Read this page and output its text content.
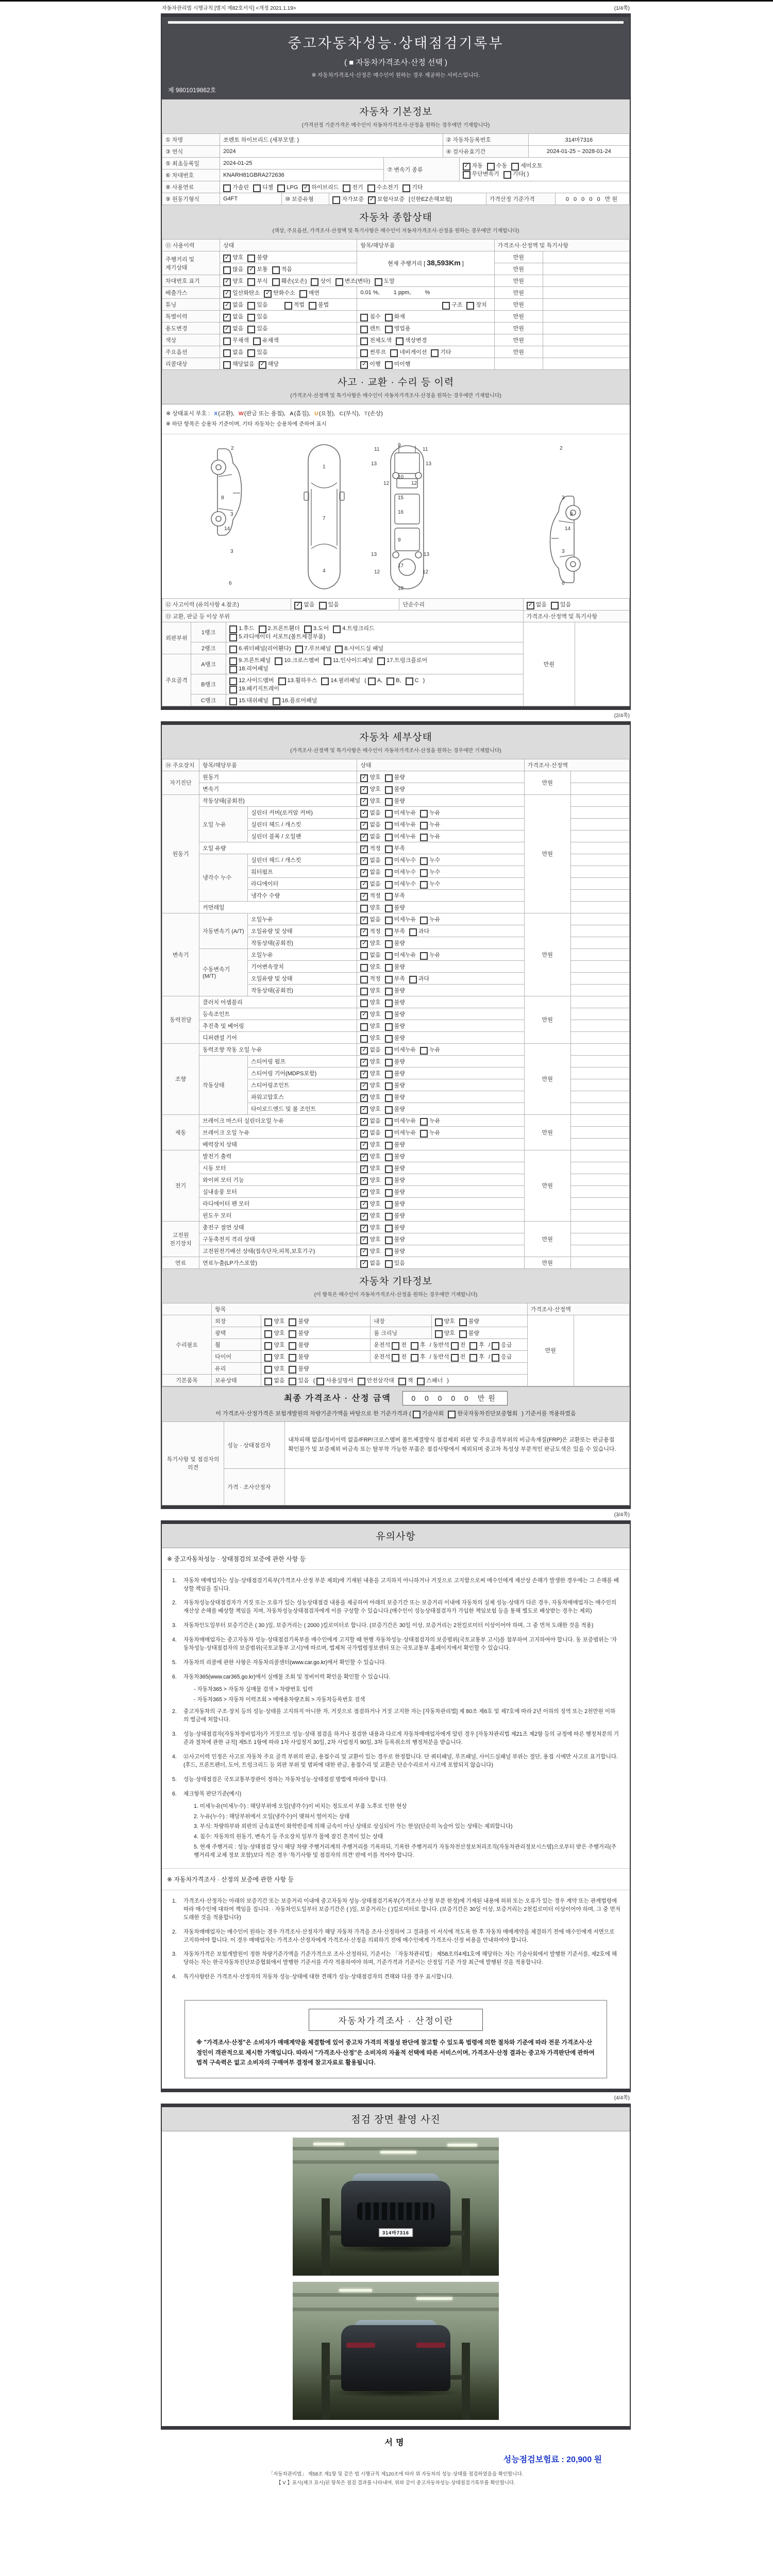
자동차관리법 시행규칙 [별지 제82호서식] <개정 2021.1.19>	(1/4쪽)
중고자동차성능·상태점검기록부
( ■ 자동차가격조사·산정 선택 )
※ 자동차가격조사·산정은 매수인이 원하는 경우 제공하는 서비스입니다.
제 9801019862호
자동차 기본정보
(가격산정 기준가격은 매수인이 자동차가격조사·산정을 원하는 경우에만 기재합니다)
① 차명	쏘렌토 하이브리드 (세부모델: )	② 자동차등록번호	314마7316
③ 연식	2024	④ 검사유효기간	2024-01-25 ~ 2028-01-24
⑤ 최초등록일	2024-01-25	⑦ 변속기 종류	✓ 자동 수동 세미오토
무단변속기 기타( )
⑥ 차대번호	KNARH81GBRA272636		
⑧ 사용연료	가솔린 디젤 LPG ✓ 하이브리드 전기 수소전기 기타		
⑨ 원동기형식	G4FT	⑩ 보증유형	자가보증 ✓ 보험사보증 [신한EZ손해보험]	가격산정 기준가격	0 0 0 0 0 만원
자동차 종합상태
(색상, 주요옵션, 가격조사·산정액 및 특기사항은 매수인이 자동차가격조사·산정을 원하는 경우에만 기재합니다)
⑪ 사용이력	상태	항목/해당부품	가격조사·산정액 및 특기사항	
주행거리 및 계기상태	✓ 양호 불량	현재 주행거리 [ 38,593Km ]	만원	
	많음 ✓ 보통 적음		만원	
차대번호 표기	✓ 양호 부식 훼손(오손) 상이 변조(변타) 도말		만원	
배출가스	✓ 일산화탄소 ✓ 탄화수소 매연	0.01 %, 1 ppm, %	만원	
튜닝	✓ 없음 있음 적법 불법	구조 장치	만원	
특별이력	✓ 없음 있음	침수 화재	만원	
용도변경	✓ 없음 있음	렌트 영업용	만원	
색상	무채색 유채색	전체도색 색상변경	만원	
주요옵션	없음 있음	썬루프 네비게이션 기타	만원	
리콜대상	해당없음 ✓ 해당	✓ 이행 미이행		
사고 · 교환 · 수리 등 이력
(가격조사·산정액 및 특기사항은 매수인이 자동차가격조사·산정을 원하는 경우에만 기재합니다)
※ 상태표시 부호 : X(교환), W(판금 또는 용접), A(흠집), U(요철), C(부식), T(손상)
※ 하단 항목은 승용차 기준이며, 기타 자동차는 승용차에 준하여 표시
2
8
3
14
3
6
1
7
4
11
9
11
13
12	12
13
10
15
16
13	13
9
12
17
12
18
2
3
8
14
3
6
⑫ 사고이력 (유의사항 4.참조)	✓ 없음 있음	단순수리	✓ 없음 있음
⑬ 교환, 판금 등 이상 부위			가격조사·산정액 및 특기사항	
외판부위	1랭크	1.후드 2.프론트휀더 3.도어 4.트렁크리드
5.라디에이터 서포트(볼트체결부품)	만원	
	2랭크	6.쿼더패널(리어휀다) 7.루브패널 8.사이드실 패널		
주요골격	A랭크	9.프론트패널 10.크로스멤버 11.인사이드패널 17.트렁크플로어
18.리어패널		
	B랭크	12.사이드멤버 13.휠하우스 14.필러패널 (  A, B, C )
19.패키지트레이		
	C랭크	15.대쉬패널 16.플로어패널		
(2/4쪽)
자동차 세부상태
(가격조사·산정액 및 특기사항은 매수인이 자동차가격조사·산정을 원하는 경우에만 기재합니다)
⑭ 주요장치	항목/해당부품		상태	가격조사·산정액	
자기진단	원동기		✓ 양호 불량	만원	
	변속기		✓ 양호 불량		
원동기	작동상태(공회전)		✓ 양호 불량	만원	
	오일 누유	실린더 커버(로커암 커버)	✓ 없음 미세누유 누유		
		실린더 헤드 / 개스킷	✓ 없음 미세누유 누유		
		실린더 블록 / 오일팬	✓ 없음 미세누유 누유		
	오일 유량		✓ 적정 부족		
	냉각수 누수	실린더 헤드 / 개스킷	✓ 없음 미세누수 누수		
		워터펌프	✓ 없음 미세누수 누수		
		라디에이터	✓ 없음 미세누수 누수		
		냉각수 수량	✓ 적정 부족		
	커먼레일		양호 불량		
변속기	자동변속기 (A/T)	오일누유	✓ 없음 미세누유 누유	만원	
		오일유량 및 상태	✓ 적정 부족 과다		
		작동상태(공회전)	✓ 양호 불량		
	수동변속기 (M/T)	오일누유	없음 미세누유 누유		
		기어변속장치	양호 불량		
		오일유량 및 상태	적정 부족 과다		
		작동상태(공회전)	양호 불량		
동력전달	클러치 어셈블리		양호 불량	만원	
	등속조인트		✓ 양호 불량		
	추진축 및 베어링		양호 불량		
	디퍼렌셜 기어		양호 불량		
조향	동력조향 작동 오일 누유		✓ 없음 미세누유 누유	만원	
	작동상태	스티어링 펌프	✓ 양호 불량		
		스티어링 기어(MDPS포함)	✓ 양호 불량		
		스티어링조인트	✓ 양호 불량		
		파워고압호스	✓ 양호 불량		
		타이로드엔드 및 볼 조인트	✓ 양호 불량		
제동	브레이크 마스터 실린더오일 누유		✓ 없음 미세누유 누유	만원	
	브레이크 오일 누유		✓ 없음 미세누유 누유		
	배력장치 상태		✓ 양호 불량		
전기	발전기 출력		✓ 양호 불량	만원	
	시동 모터		✓ 양호 불량		
	와이퍼 모터 기능		✓ 양호 불량		
	실내송풍 모터		✓ 양호 불량		
	라디에이터 팬 모터		✓ 양호 불량		
	윈도우 모터		✓ 양호 불량		
고전원 전기장치	충전구 절연 상태		✓ 양호 불량	만원	
	구동축전지 격리 상태		✓ 양호 불량		
	고전원전기배선 상태(접속단자,피복,보호기구)		✓ 양호 불량		
연료	연료누출(LP가스포함)		✓ 없음 있음	만원	
자동차 기타정보
(이 항목은 매수인이 자동차가격조사·산정을 원하는 경우에만 기재합니다)
	항목				가격조사·산정액	
수리필요	외장	양호 불량	내장	양호 불량	만원	
	광택	양호 불량	룸 크리닝	양호 불량		
	휠	양호 불량	운전석  전 후 / 동반석  전 후 /  응급			
	타이어	양호 불량	운전석  전 후 / 동반석  전 후 /  응급			
	유리	양호 불량				
기본품목	보유상태	없음 있음 (  사용설명서 안전삼각대 잭 스패너 )				
최종 가격조사 · 산정 금액	0 0 0 0 0 만원
이 가격조사·산정가격은 보험개발원의 차량기준가액을 바탕으로 한 기준가격과 (  기술사회 한국자동차진단보증협회 ) 기준서를 적용하였음
특기사항 및 점검자의 의견	성능 · 상태점검자	내차피해 없음/정비이력 없음/FRP/크로스멤버 볼트체결방식 점검제외 외판 및 주요골격부위의 비금속재질(FRP)은 교환또는 판금용접 확인불가 및 보증제외 비금속 또는 탈부착 가능한 부품은 점검사항에서 제외되며 중고차 특성상 부분적인 판금도색은 있을 수 있습니다.
	가격 · 조사산정자	
(3/4쪽)
유의사항
※ 중고자동차성능 · 상태점검의 보증에 관한 사항 등
1.	자동차 매매업자는 성능·상태점검기록부(가격조사·산정 부분 제외)에 기재된 내용을 고지하지 아니하거나 거짓으로 고지함으로써 매수인에게 재산상 손해가 발생한 경우에는 그 손해를 배상할 책임을 집니다.
2.	자동차성능상태점검자가 거짓 또는 오류가 있는 성능상태점검 내용을 제공하여 아래의 보증기간 또는 보증거리 이내에 자동차의 실제 성능·상태가 다른 경우, 자동차매매업자는 매수인의 재산상 손해를 배상할 책임을 지며, 자동차성능상태점검자에게 이를 구상할 수 있습니다.(매수인이 성능상태점검자가 가입한 책임보험 등을 통해 별도로 배상받는 경우는 제외)
3.	자동차인도일부터 보증기간은 ( 30 )일, 보증거리는 ( 2000 )킬로미터로 합니다. (보증기간은 30일 이상, 보증거리는 2천킬로미터 이상이어야 하며, 그 중 먼저 도래한 것을 적용)
4.	자동차매매업자는 중고자동차 성능·상태점검기록부를 매수인에게 고지할 때 현행 자동차성능·상태점검자의 보증범위(국토교통부 고시)를 첨부하여 고지하여야 합니다. 동 보증범위는 '자동차성능·상태점검자의 보증범위(국토교통부 고시)'에 따르며, 법제처 국가법령정보센터 또는 국토교통부 홈페이지에서 확인할 수 있습니다.
5.	자동차의 리콜에 관한 사항은 자동차리콜센터(www.car.go.kr)에서 확인할 수 있습니다.
6.	자동차365(www.car365.go.kr)에서 실매물 조회 및 정비이력 확인을 확인할 수 있습니다.
- 자동차365 > 자동차 실매물 검색 > 차량번호 입력
- 자동차365 > 자동차 이력조회 > 매매용차량조회 > 자동차등록번호 검색
2.	중고자동차의 구조·장치 등의 성능·상태를 고지하지 아니한 자, 거짓으로 점검하거나 거짓 고지한 자는 [자동차관리법] 제 80조 제6호 및 제7호에 따라 2년 이하의 징역 또는 2천만원 이하의 벌금에 처합니다.
3.	성능·상태점검자(자동차정비업자)가 거짓으로 성능·상태 점검을 하거나 점검한 내용과 다르게 자동차매매업자에게 알린 경우 [자동차관리법 제21조 제2항 등의 규정에 따른 행정처분의 기준과 절차에 관한 규칙] 제5조 1항에 따라 1차 사업정지 30일, 2차 사업정지 90일, 3차 등록취소의 행정처분을 받습니다.
4.	⑫사고이력 인정은 사고로 자동차 주요 골격 부위의 판금, 용접수리 및 교환이 있는 경우로 한정합니다. 단 쿼터패널, 루프패널, 사이드실패널 부위는 절단, 용접 시에만 사고로 표기합니다. (후드, 프론트펜더, 도어, 트렁크리드 등 외판 부위 및 범퍼에 대한 판금, 용접수리 및 교환은 단순수리로서 사고에 포함되지 않습니다)
5.	성능·상태점검은 국토교통부장관이 정하는 자동차성능·상태점검 방법에 따라야 합니다.
6.	체크항목 판단기준(예시)
1. 미세누유(미세누수) : 해당부위에 오일(냉각수)이 비치는 정도로서 부품 노후로 인한 현상
2. 누유(누수) : 해당부위에서 오일(냉각수)이 맺혀서 떨어지는 상태
3. 부식: 차량하부와 외판의 금속표면이 화학반응에 의해 금속이 아닌 상태로 상실되어 가는 현상(단순히 녹슬어 있는 상태는 제외합니다)
4. 침수: 자동차의 원동기, 변속기 등 주요장치 일부가 물에 잠긴 흔적이 있는 상태
5. 현재 주행거리 : 성능·상태점검 당시 해당 차량 주행거리계의 주행거리를 기록하되, 기록한 주행거리가 자동차전산정보처리조직(자동차관리정보시스템)으로부터 받은 주행거리(주행거리계 교체 정보 포함)보다 적은 경우 '특기사항 및 점검자의 의견' 란에 이를 적어야 합니다.
※ 자동차가격조사 · 산정의 보증에 관한 사항 등
1.	가격조사·산정자는 아래의 보증기간 또는 보증거리 이내에 중고자동차 성능·상태점검기록부(가격조사·산정 부분 한정)에 기재된 내용에 허위 또는 오류가 있는 경우 계약 또는 관계법령에 따라 매수인에 대하여 책임을 집니다. · 자동차인도일부터 보증기간은 ( )일, 보증거리는 ( )킬로미터로 합니다. (보증기간은 30일 이상, 보증거리는 2천킬로미터 이상이어야 하며, 그 중 먼저 도래한 것을 적용합니다)
2.	자동차매매업자는 매수인이 원하는 경우 가격조사·산정자가 해당 자동차 가격을 조사·산정하여 그 결과를 이 서식에 적도록 한 후 자동차 매매계약을 체결하기 전에 매수인에게 서면으로 고지하여야 합니다. 이 경우 매매업자는 가격조사·산정자에게 가격조사·산정을 의뢰하기 전에 매수인에게 가격조사·산정 비용을 안내하여야 합니다.
3.	자동차가격은 보험개발원이 정한 차량기준가액을 기준가격으로 조사·산정하되, 기준서는 「자동차관리법」 제58조의4제1호에 해당하는 자는 기술사회에서 발행한 기준서를, 제2호에 해당하는 자는 한국자동차진단보증협회에서 발행한 기준서를 각각 적용하여야 하며, 기준가격과 기준서는 산정일 기준 가장 최근에 발행된 것을 적용합니다.
4.	특기사항란은 가격조사·산정자의 자동차 성능·상태에 대한 견해가 성능·상태점검자의 견해와 다를 경우 표시합니다.
자동차가격조사 · 산정이란
※ "가격조사·산정"은 소비자가 매매계약을 체결함에 있어 중고차 가격의 적절성 판단에 참고할 수 있도록 법령에 의한 절차와 기준에 따라 전문 가격조사·산정인이 객관적으로 제시한 가액입니다. 따라서 "가격조사·산정"은 소비자의 자율적 선택에 따른 서비스이며, 가격조사·산정 결과는 중고차 가격판단에 관하여 법적 구속력은 없고 소비자의 구매여부 결정에 참고자료로 활용됩니다.
(4/4쪽)
점검 장면 촬영 사진
314마7316
서명
성능점검보험료 : 20,900 원
「자동차관리법」 제58조 제1항 및 같은 법 시행규칙 제120조에 따라 위 자동차의 성능·상태를 점검하였음을 확인합니다.
【 V 】표시(체크 표시)된 항목은 점검 결과를 나타내며, 위와 같이 중고자동차성능·상태점검기록부를 확인합니다.
